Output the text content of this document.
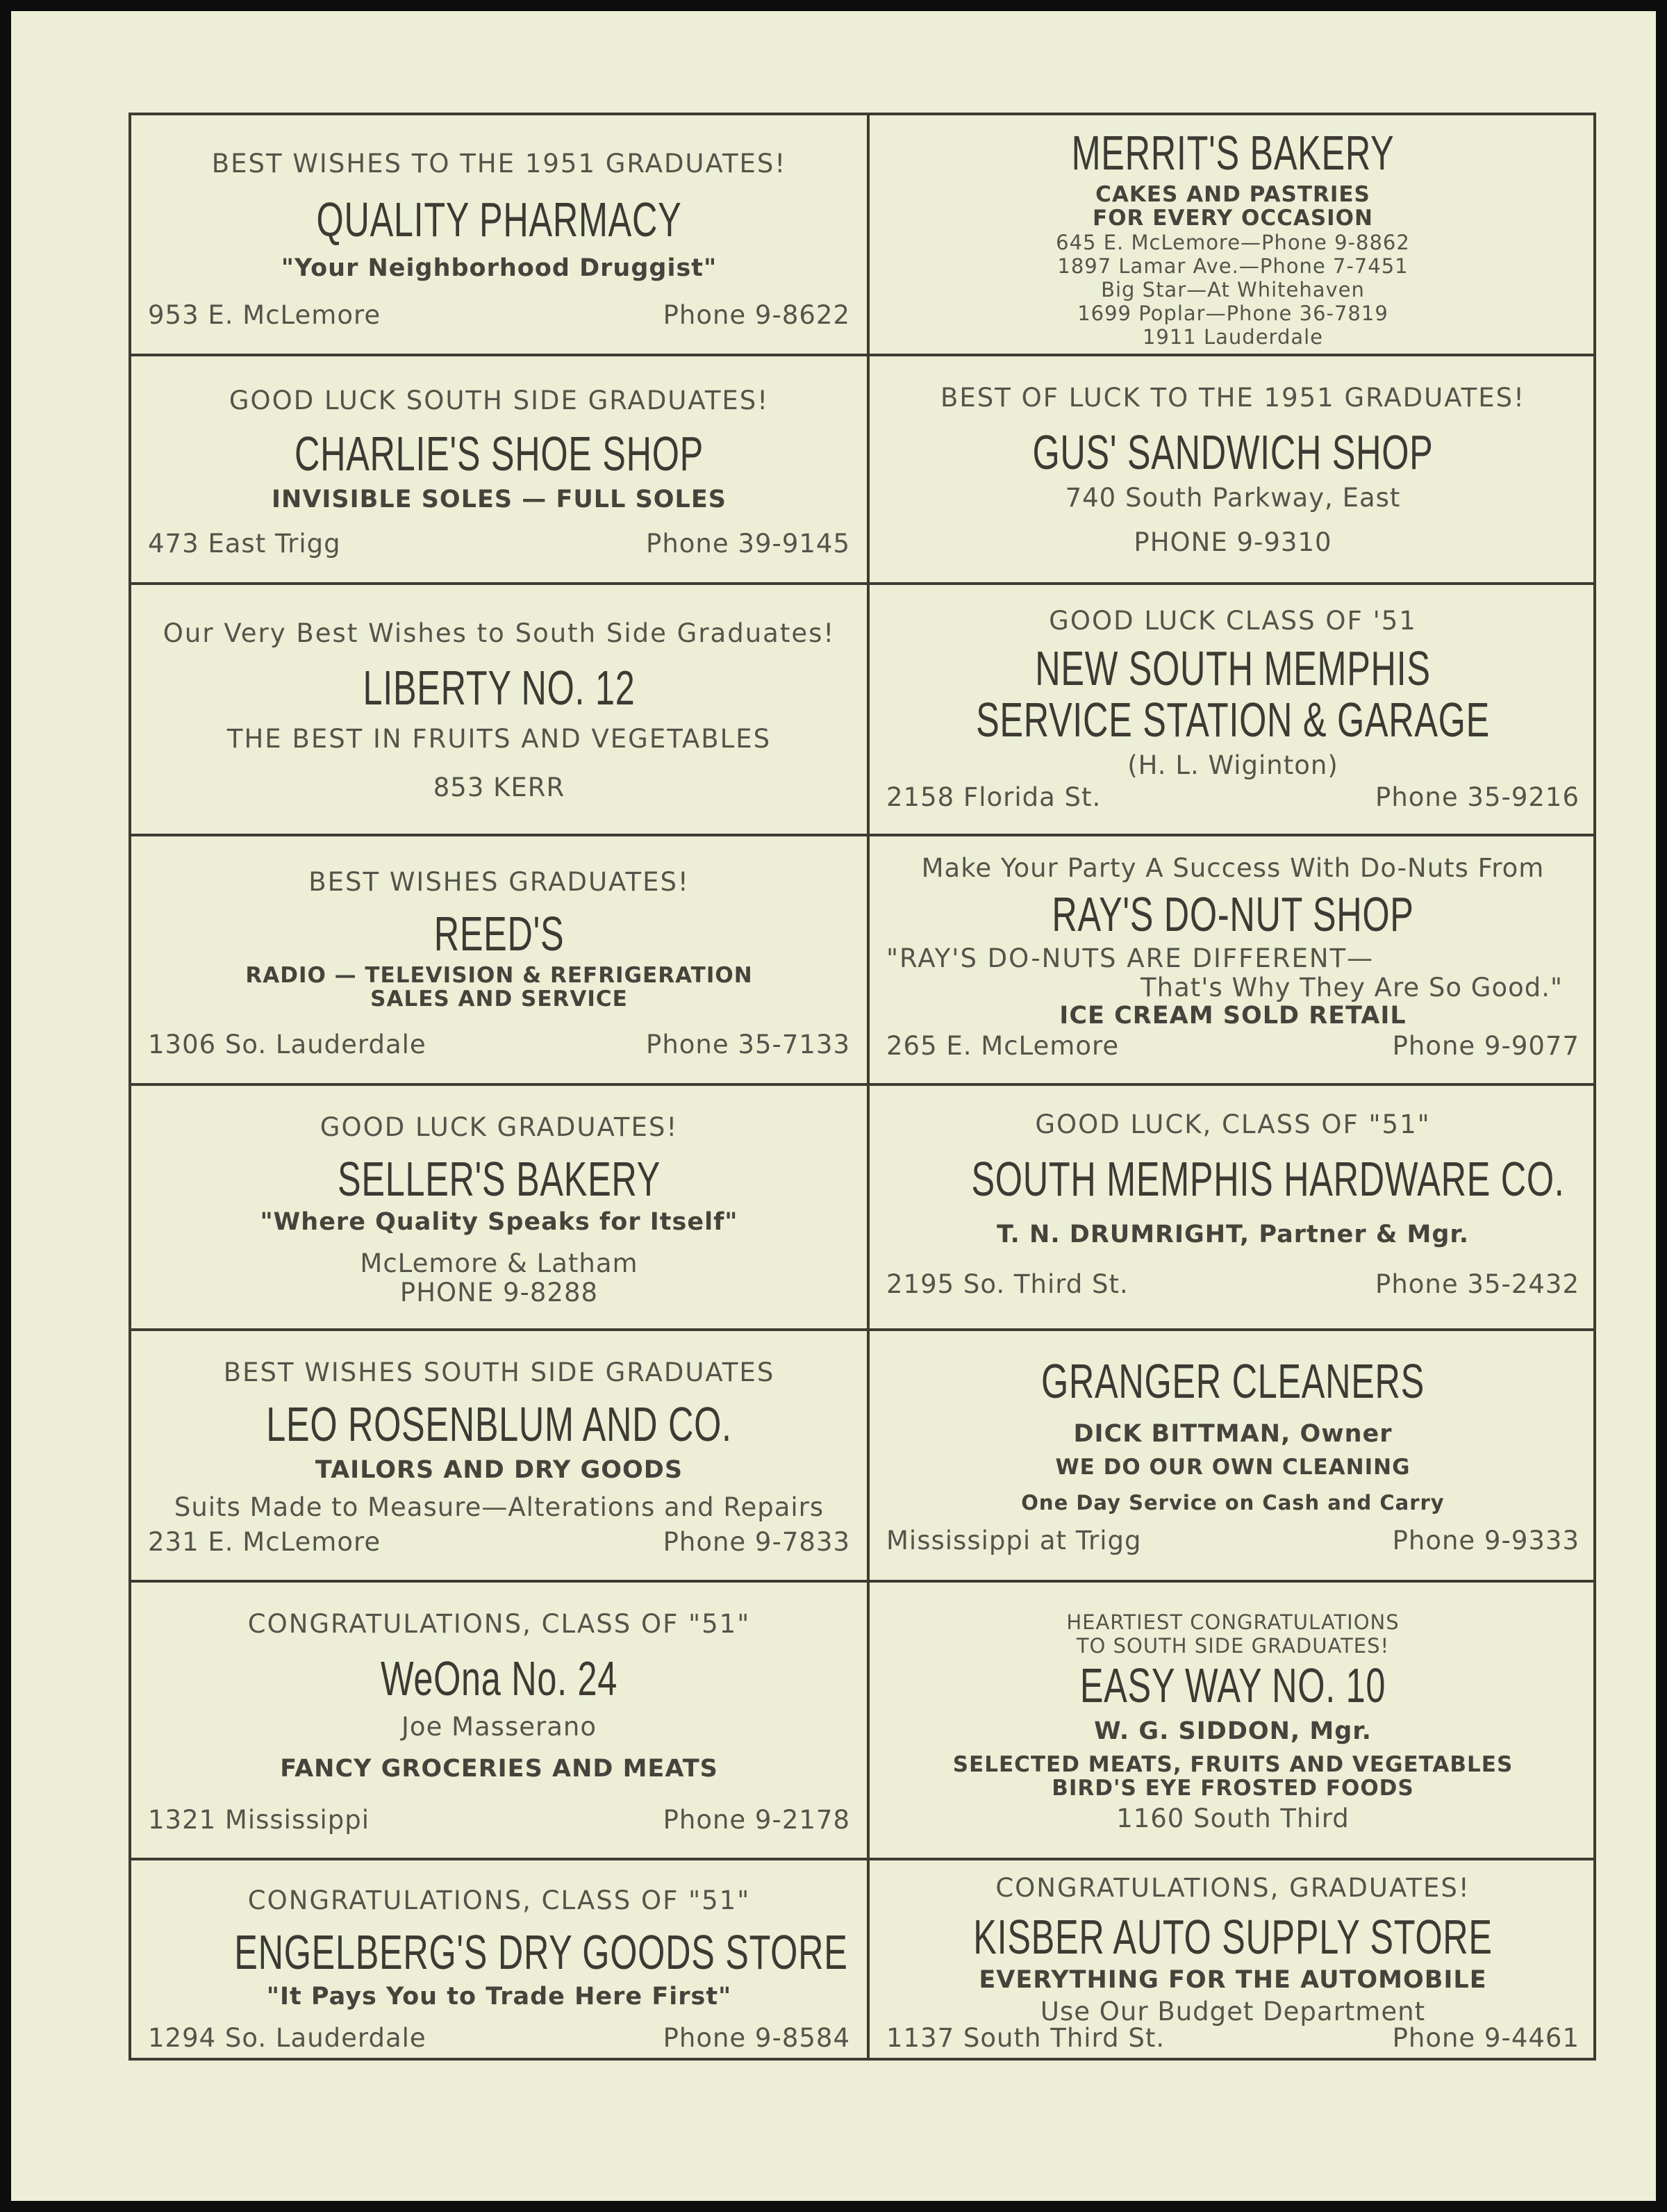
BEST WISHES TO THE 1951 GRADUATES!
QUALITY PHARMACY
"Your Neighborhood Druggist"
953 E. McLemore	Phone 9-8622
MERRIT'S BAKERY
CAKES AND PASTRIES
FOR EVERY OCCASION
645 E. McLemore—Phone 9-8862
1897 Lamar Ave.—Phone 7-7451
Big Star—At Whitehaven
1699 Poplar—Phone 36-7819
1911 Lauderdale
GOOD LUCK SOUTH SIDE GRADUATES!
CHARLIE'S SHOE SHOP
INVISIBLE SOLES — FULL SOLES
473 East Trigg	Phone 39-9145
BEST OF LUCK TO THE 1951 GRADUATES!
GUS' SANDWICH SHOP
740 South Parkway, East
PHONE 9-9310
Our Very Best Wishes to South Side Graduates!
LIBERTY NO. 12
THE BEST IN FRUITS AND VEGETABLES
853 KERR
GOOD LUCK CLASS OF '51
NEW SOUTH MEMPHIS
SERVICE STATION & GARAGE
(H. L. Wiginton)
2158 Florida St.	Phone 35-9216
BEST WISHES GRADUATES!
REED'S
RADIO — TELEVISION & REFRIGERATION
SALES AND SERVICE
1306 So. Lauderdale	Phone 35-7133
Make Your Party A Success With Do-Nuts From
RAY'S DO-NUT SHOP
"RAY'S DO-NUTS ARE DIFFERENT—
That's Why They Are So Good."
ICE CREAM SOLD RETAIL
265 E. McLemore	Phone 9-9077
GOOD LUCK GRADUATES!
SELLER'S BAKERY
"Where Quality Speaks for Itself"
McLemore & Latham
PHONE 9-8288
GOOD LUCK, CLASS OF "51"
SOUTH MEMPHIS HARDWARE CO.
T. N. DRUMRIGHT, Partner & Mgr.
2195 So. Third St.	Phone 35-2432
BEST WISHES SOUTH SIDE GRADUATES
LEO ROSENBLUM AND CO.
TAILORS AND DRY GOODS
Suits Made to Measure—Alterations and Repairs
231 E. McLemore	Phone 9-7833
GRANGER CLEANERS
DICK BITTMAN, Owner
WE DO OUR OWN CLEANING
One Day Service on Cash and Carry
Mississippi at Trigg	Phone 9-9333
CONGRATULATIONS, CLASS OF "51"
WeOna No. 24
Joe Masserano
FANCY GROCERIES AND MEATS
1321 Mississippi	Phone 9-2178
HEARTIEST CONGRATULATIONS
TO SOUTH SIDE GRADUATES!
EASY WAY NO. 10
W. G. SIDDON, Mgr.
SELECTED MEATS, FRUITS AND VEGETABLES
BIRD'S EYE FROSTED FOODS
1160 South Third
CONGRATULATIONS, CLASS OF "51"
ENGELBERG'S DRY GOODS STORE
"It Pays You to Trade Here First"
1294 So. Lauderdale	Phone 9-8584
CONGRATULATIONS, GRADUATES!
KISBER AUTO SUPPLY STORE
EVERYTHING FOR THE AUTOMOBILE
Use Our Budget Department
1137 South Third St.	Phone 9-4461
